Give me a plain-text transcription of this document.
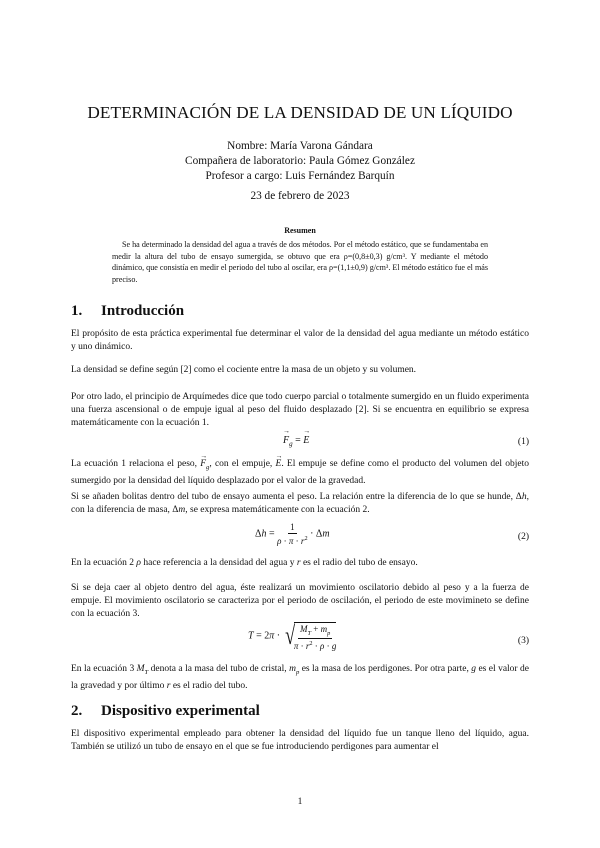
DETERMINACIÓN DE LA DENSIDAD DE UN LÍQUIDO
Nombre: María Varona Gándara
Compañera de laboratorio: Paula Gómez González
Profesor a cargo: Luis Fernández Barquín
23 de febrero de 2023
Resumen
Se ha determinado la densidad del agua a través de dos métodos. Por el método estático, que se fundamentaba en medir la altura del tubo de ensayo sumergida, se obtuvo que era ρ=(0,8±0,3) g/cm³. Y mediante el método dinámico, que consistía en medir el periodo del tubo al oscilar, era ρ=(1,1±0,9) g/cm³. El método estático fue el más preciso.
1. Introducción
El propósito de esta práctica experimental fue determinar el valor de la densidad del agua mediante un método estático y uno dinámico.
La densidad se define según [2] como el cociente entre la masa de un objeto y su volumen.
Por otro lado, el principio de Arquímedes dice que todo cuerpo parcial o totalmente sumergido en un fluido experimenta una fuerza ascensional o de empuje igual al peso del fluido desplazado [2]. Si se encuentra en equilibrio se expresa matemáticamente con la ecuación 1.
→ $F_g$ = → E	(1)
La ecuación 1 relaciona el peso, → $F_g$, con el empuje, → E. El empuje se define como el producto del volumen del objeto sumergido por la densidad del líquido desplazado por el valor de la gravedad.
Si se añaden bolitas dentro del tubo de ensayo aumenta el peso. La relación entre la diferencia de lo que se hunde, Δh, con la diferencia de masa, Δm, se expresa matemáticamente con la ecuación 2.
$\Delta h = \frac{1}{\rho \cdot \pi \cdot r^2} \cdot \Delta m$	(2)
En la ecuación 2 ρ hace referencia a la densidad del agua y r es el radio del tubo de ensayo.
Si se deja caer al objeto dentro del agua, éste realizará un movimiento oscilatorio debido al peso y a la fuerza de empuje. El movimiento oscilatorio se caracteriza por el periodo de oscilación, el periodo de este movimineto se define con la ecuación 3.
T = 2π · √ $\frac{M_T + m_p}{\pi \cdot r^2 \cdot \rho \cdot g}$	(3)
En la ecuación 3 $M_T$ denota a la masa del tubo de cristal, $m_p$ es la masa de los perdigones. Por otra parte, g es el valor de la gravedad y por último r es el radio del tubo.
2. Dispositivo experimental
El dispositivo experimental empleado para obtener la densidad del líquido fue un tanque lleno del líquido, agua. También se utilizó un tubo de ensayo en el que se fue introduciendo perdigones para aumentar el
1
